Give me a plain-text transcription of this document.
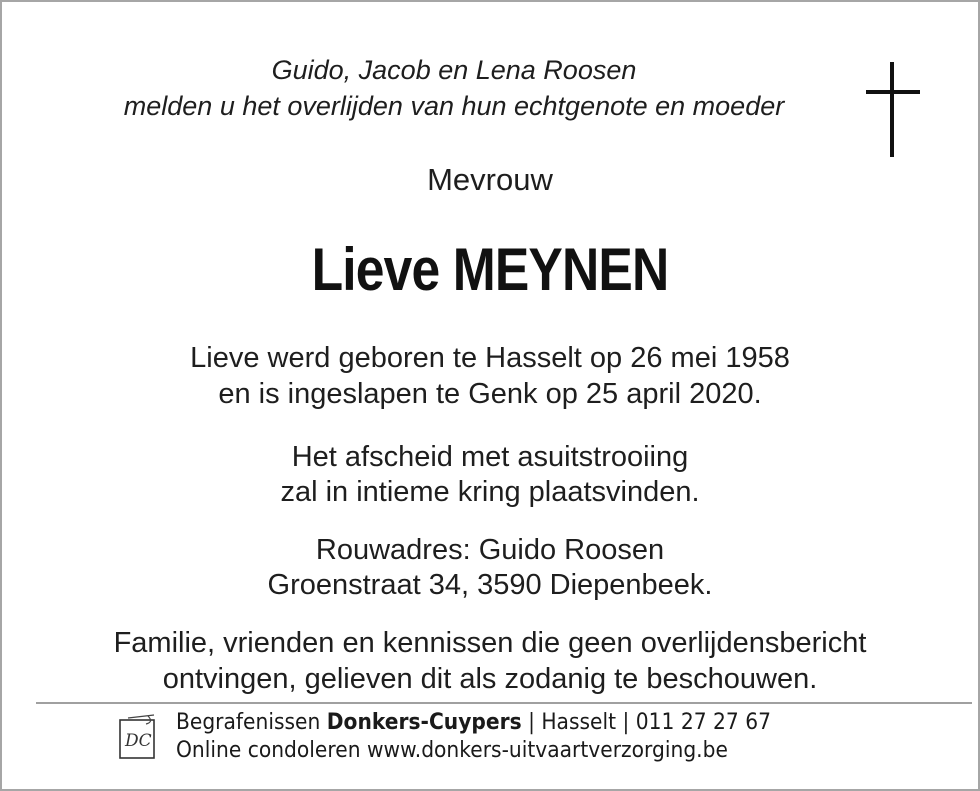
Guido, Jacob en Lena Roosen
melden u het overlijden van hun echtgenote en moeder
Mevrouw
Lieve MEYNEN
Lieve werd geboren te Hasselt op 26 mei 1958
en is ingeslapen te Genk op 25 april 2020.
Het afscheid met asuitstrooiing
zal in intieme kring plaatsvinden.
Rouwadres: Guido Roosen
Groenstraat 34, 3590 Diepenbeek.
Familie, vrienden en kennissen die geen overlijdensbericht
ontvingen, gelieven dit als zodanig te beschouwen.
DC
Begrafenissen Donkers-Cuypers | Hasselt | 011 27 27 67
Online condoleren www.donkers-uitvaartverzorging.be
